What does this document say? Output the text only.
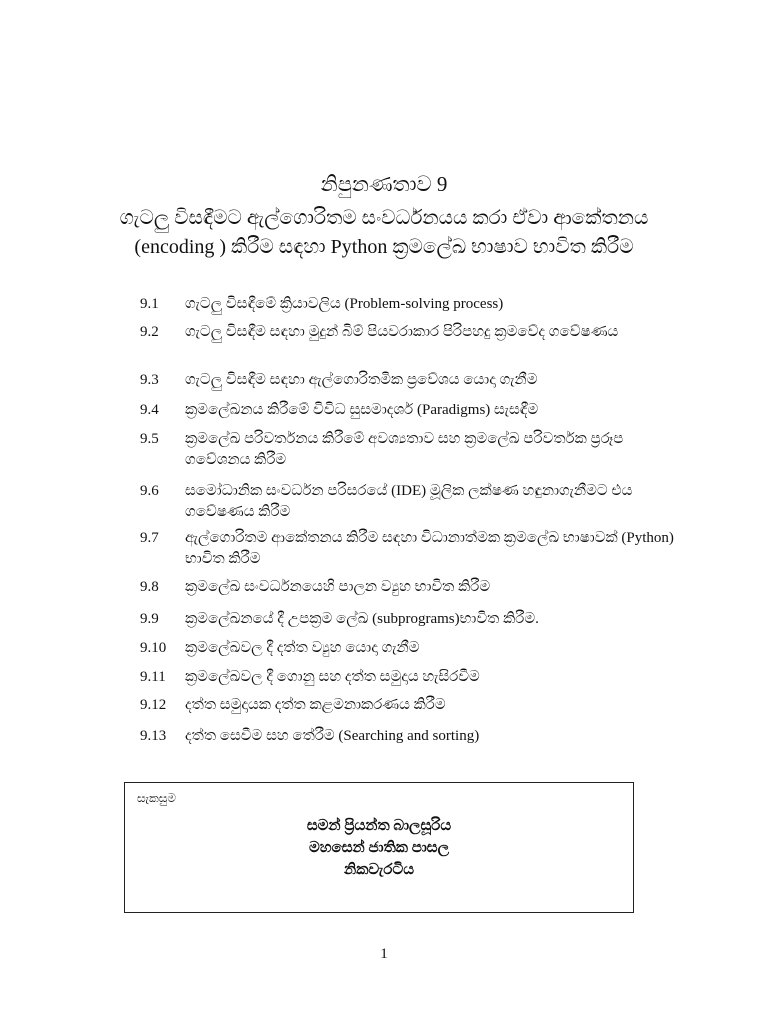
නිපුනණතාව 9
ගැටලු විසඳීමට ඇල්ගොරිතම සංවර්ධනයය කරා ඒවා ආකේතනය
(encoding ) කිරීම සඳහා Python ක්‍රමලේඛ භාෂාව භාවිත කිරීම
9.1	ගැටලු විසඳීමේ ක්‍රියාවලිය (Problem-solving process)
9.2	ගැටලු විසඳීම සඳහා මුදුන් බිම් පියවරාකාර පිරිපහදු ක්‍රමවේද ගවේෂණය
9.3	ගැටලු විසඳීම සඳහා ඇල්ගොරිතමික ප්‍රවේශය යොදා ගැනීම
9.4	ක්‍රමලේඛනය කිරීමේ විවිධ සුසමාදර්ශ (Paradigms) සැසඳීම
9.5	ක්‍රමලේඛ පරිවර්තනය කිරීමේ අවශ්‍යතාව සහ ක්‍රමලේඛ පරිවර්තක ප්‍රරූප ගවේශනය කිරීම
9.6	සමෝධානික සංවර්ධන පරිසරයේ (IDE) මූලික ලක්ෂණ හඳුනාගැනීමට එය ගවේෂණය කිරීම
9.7	ඇල්ගොරිතම ආකේතනය කිරීම සඳහා විධානාත්මක ක්‍රමලේඛ භාෂාවක් (Python) භාවිත කිරීම
9.8	ක්‍රමලේඛ සංවර්ධනයෙහි පාලන ව්‍යුහ භාවිත කිරීම
9.9	ක්‍රමලේඛනයේ දී උපක්‍රම ලේඛ (subprograms)භාවිත කිරීම.
9.10	ක්‍රමලේඛවල දී දත්ත ව්‍යුහ යොදා ගැනීම
9.11	ක්‍රමලේඛවල දී ගොනු සහ දත්ත සමුදාය හැසිරවීම
9.12	දත්ත සමුදායක දත්ත කළමනාකරණය කිරීම
9.13	දත්ත සෙවීම සහ තේරීම (Searching and sorting)
සැකසුම
සමන් ප්‍රියන්ත බාලසූරිය
මහසෙන් ජාතික පාසල
නිකවැරටිය
1
